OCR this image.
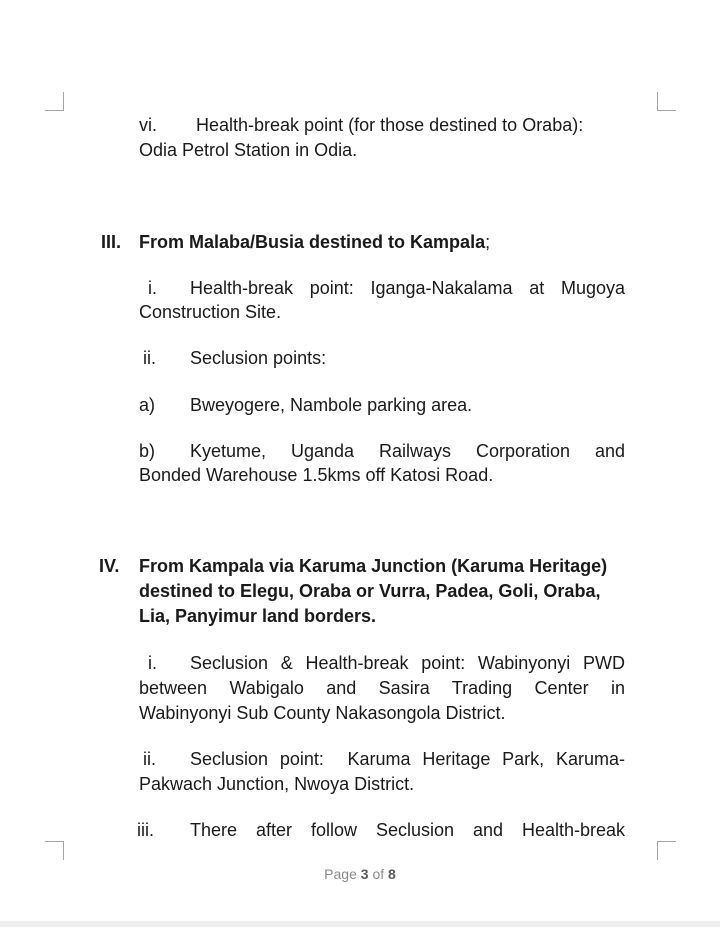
vi. Health-break point (for those destined to Oraba):
Odia Petrol Station in Odia.
III. From Malaba/Busia destined to Kampala;
i. Health-break point: Iganga-Nakalama at Mugoya
Construction Site.
ii. Seclusion points:
a) Bweyogere, Nambole parking area.
b) Kyetume, Uganda Railways Corporation and
Bonded Warehouse 1.5kms off Katosi Road.
IV. From Kampala via Karuma Junction (Karuma Heritage)
destined to Elegu, Oraba or Vurra, Padea, Goli, Oraba,
Lia, Panyimur land borders.
i. Seclusion & Health-break point: Wabinyonyi PWD
between Wabigalo and Sasira Trading Center in
Wabinyonyi Sub County Nakasongola District.
ii. Seclusion point:  Karuma Heritage Park, Karuma-
Pakwach Junction, Nwoya District.
iii. There after follow Seclusion and Health-break
Page 3 of 8
